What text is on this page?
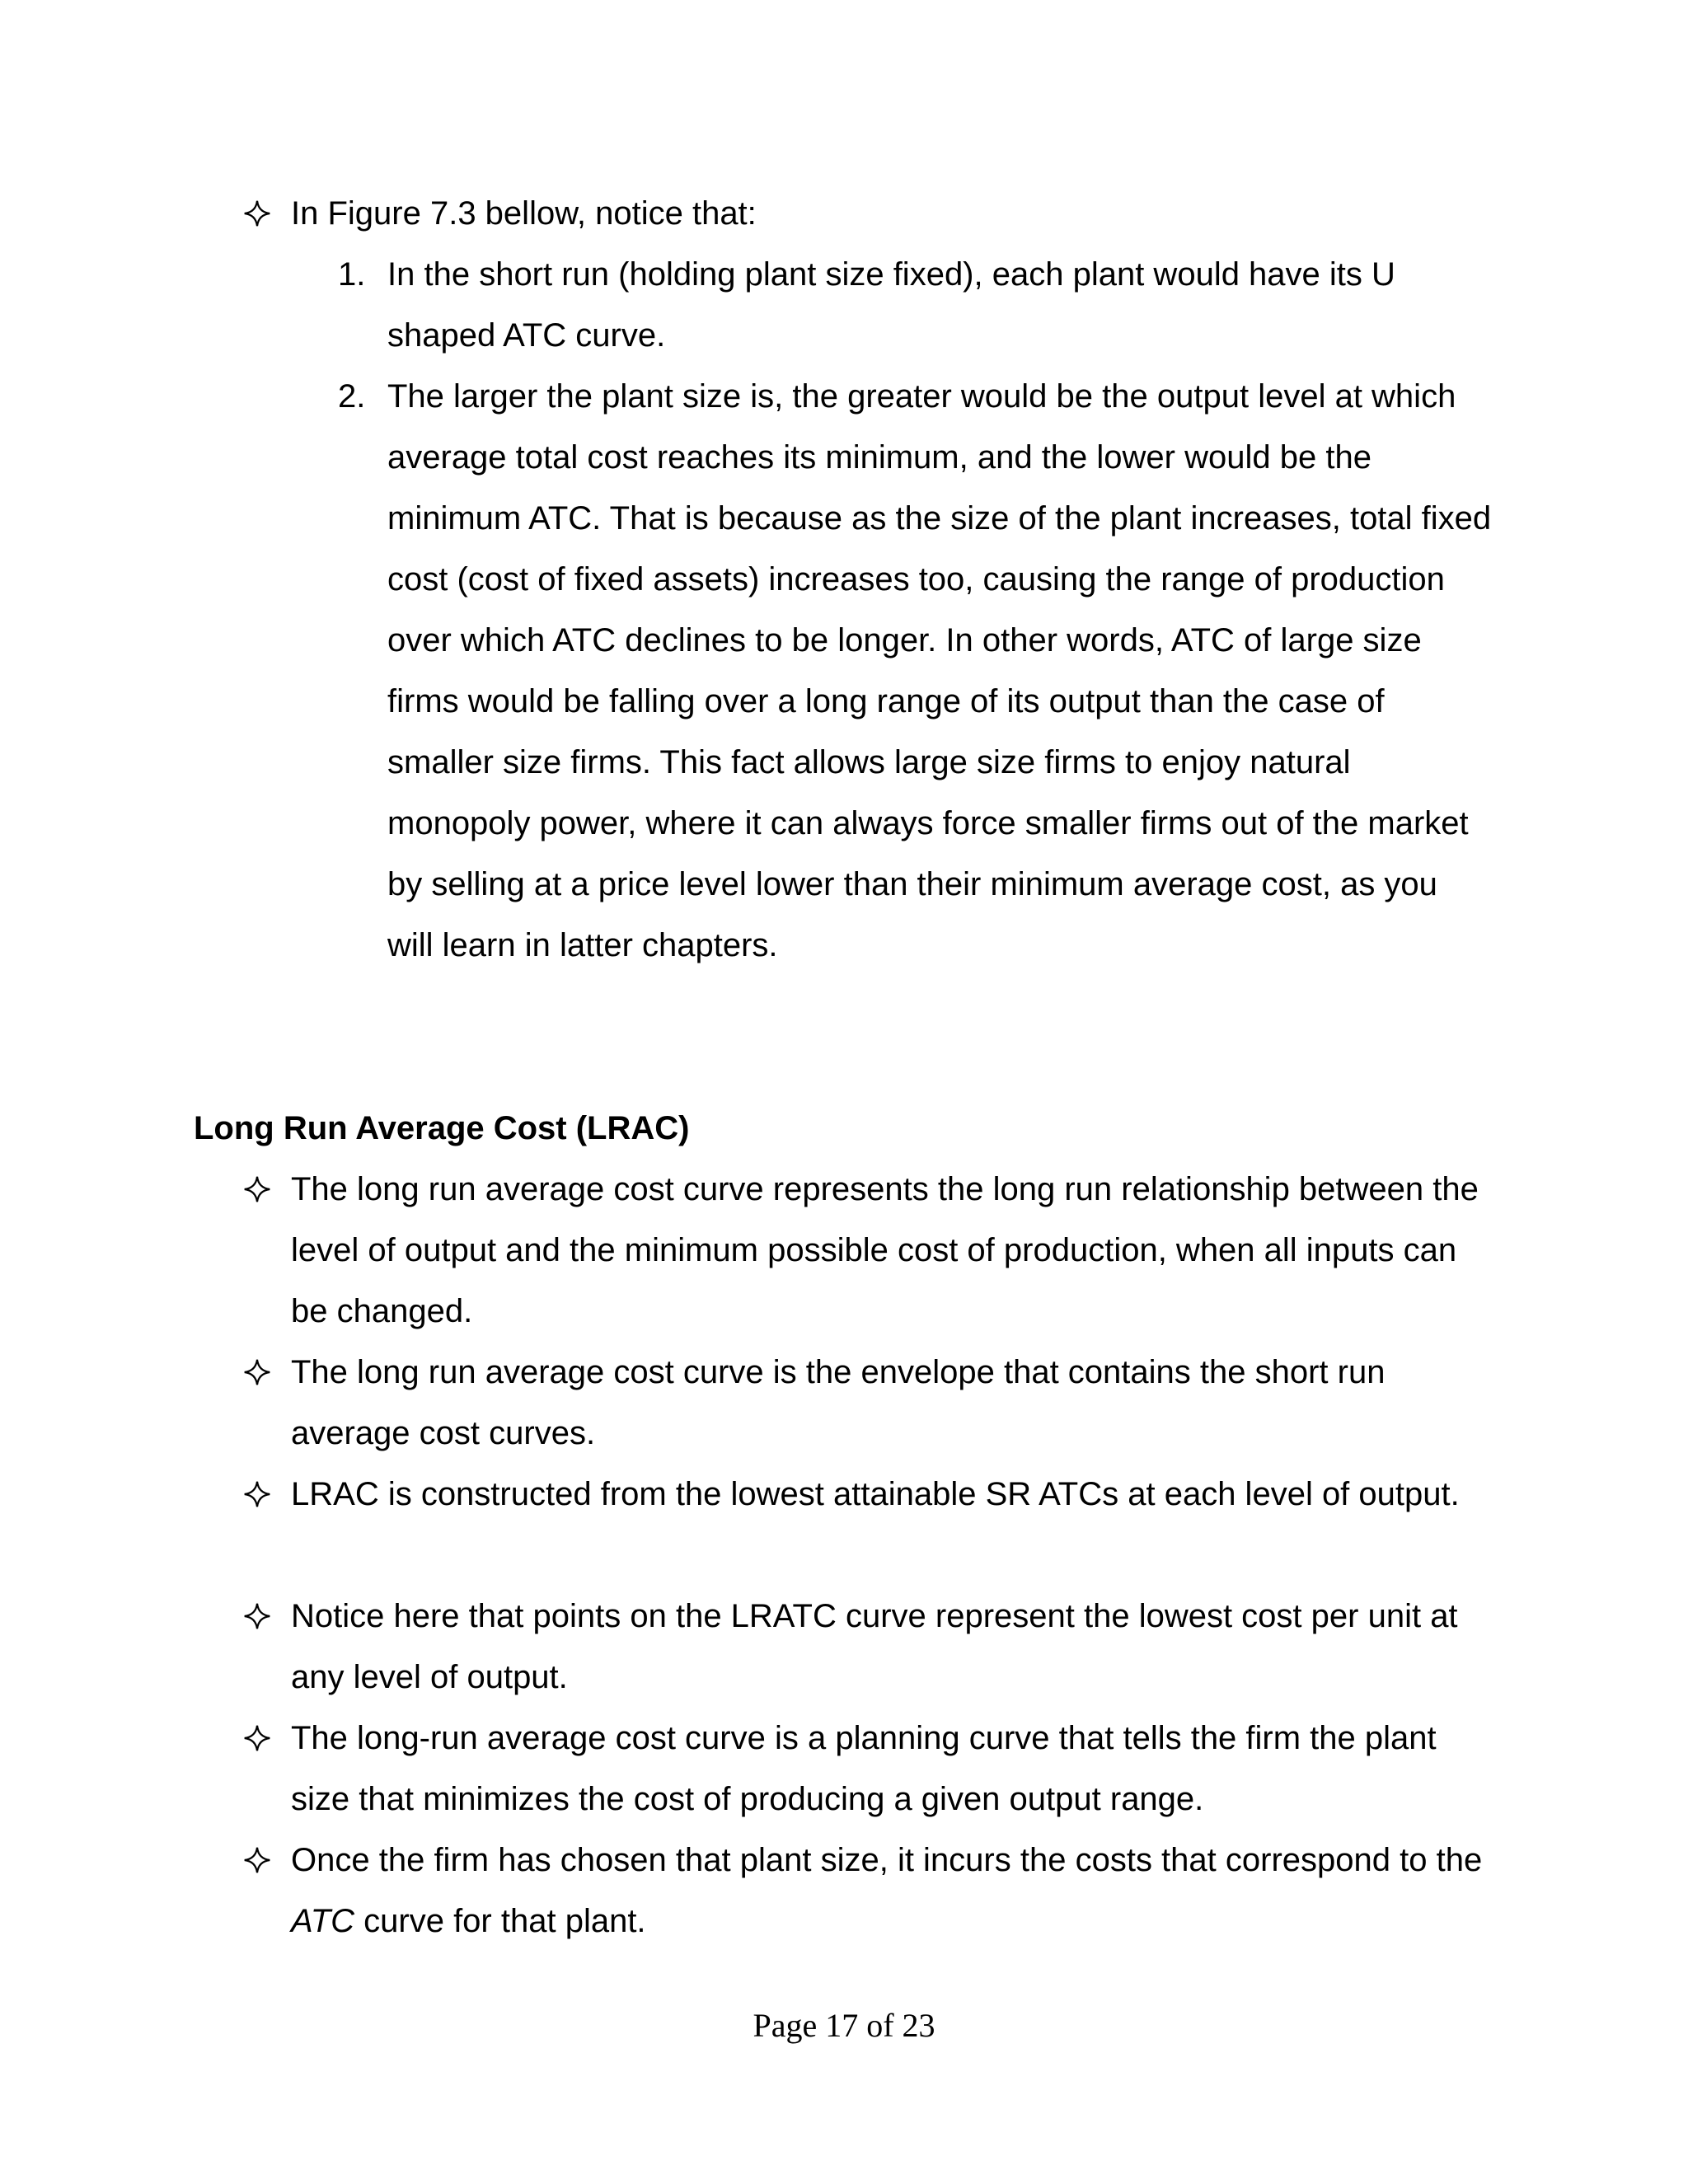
In Figure 7.3 bellow, notice that:
1. In the short run (holding plant size fixed), each plant would have its U shaped ATC curve.
2. The larger the plant size is, the greater would be the output level at which average total cost reaches its minimum, and the lower would be the minimum ATC. That is because as the size of the plant increases, total fixed cost (cost of fixed assets) increases too, causing the range of production over which ATC declines to be longer. In other words, ATC of large size firms would be falling over a long range of its output than the case of smaller size firms. This fact allows large size firms to enjoy natural monopoly power, where it can always force smaller firms out of the market by selling at a price level lower than their minimum average cost, as you will learn in latter chapters.
Long Run Average Cost (LRAC)
The long run average cost curve represents the long run relationship between the level of output and the minimum possible cost of production, when all inputs can be changed.
The long run average cost curve is the envelope that contains the short run average cost curves.
LRAC is constructed from the lowest attainable SR ATCs at each level of output.
Notice here that points on the LRATC curve represent the lowest cost per unit at any level of output.
The long-run average cost curve is a planning curve that tells the firm the plant size that minimizes the cost of producing a given output range.
Once the firm has chosen that plant size, it incurs the costs that correspond to the ATC curve for that plant.
Page 17 of 23
